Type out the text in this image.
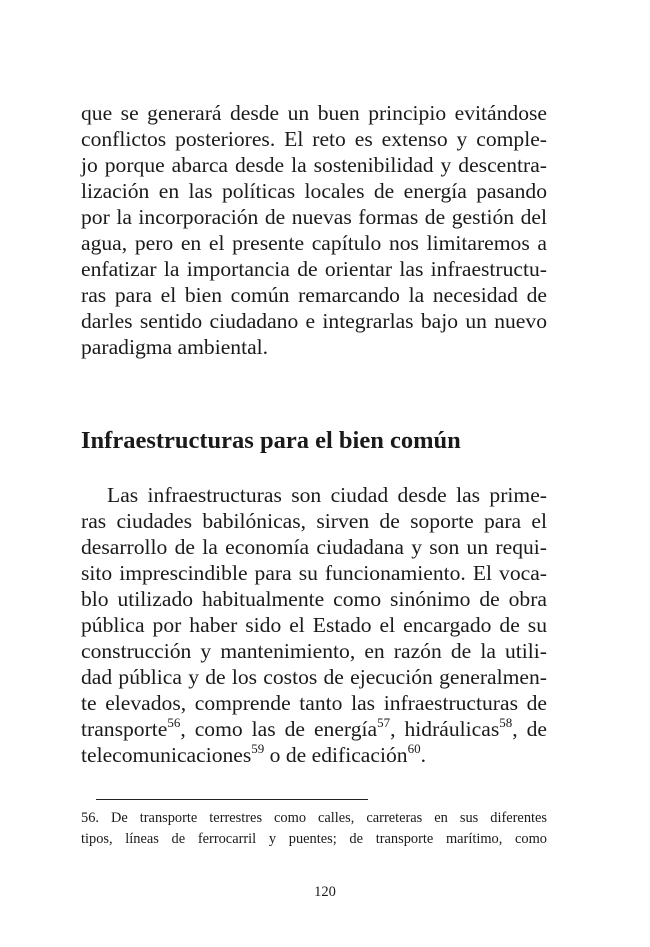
que se generará desde un buen principio evitándose
conflictos posteriores. El reto es extenso y comple-
jo porque abarca desde la sostenibilidad y descentra-
lización en las políticas locales de energía pasando
por la incorporación de nuevas formas de gestión del
agua, pero en el presente capítulo nos limitaremos a
enfatizar la importancia de orientar las infraestructu-
ras para el bien común remarcando la necesidad de
darles sentido ciudadano e integrarlas bajo un nuevo
paradigma ambiental.
Infraestructuras para el bien común
Las infraestructuras son ciudad desde las prime-
ras ciudades babilónicas, sirven de soporte para el
desarrollo de la economía ciudadana y son un requi-
sito imprescindible para su funcionamiento. El voca-
blo utilizado habitualmente como sinónimo de obra
pública por haber sido el Estado el encargado de su
construcción y mantenimiento, en razón de la utili-
dad pública y de los costos de ejecución generalmen-
te elevados, comprende tanto las infraestructuras de
transporte$^{56}$, como las de energía$^{57}$, hidráulicas$^{58}$, de
telecomunicaciones$^{59}$ o de edificación$^{60}$.
56. De transporte terrestres como calles, carreteras en sus diferentes
tipos, líneas de ferrocarril y puentes; de transporte marítimo, como
120
